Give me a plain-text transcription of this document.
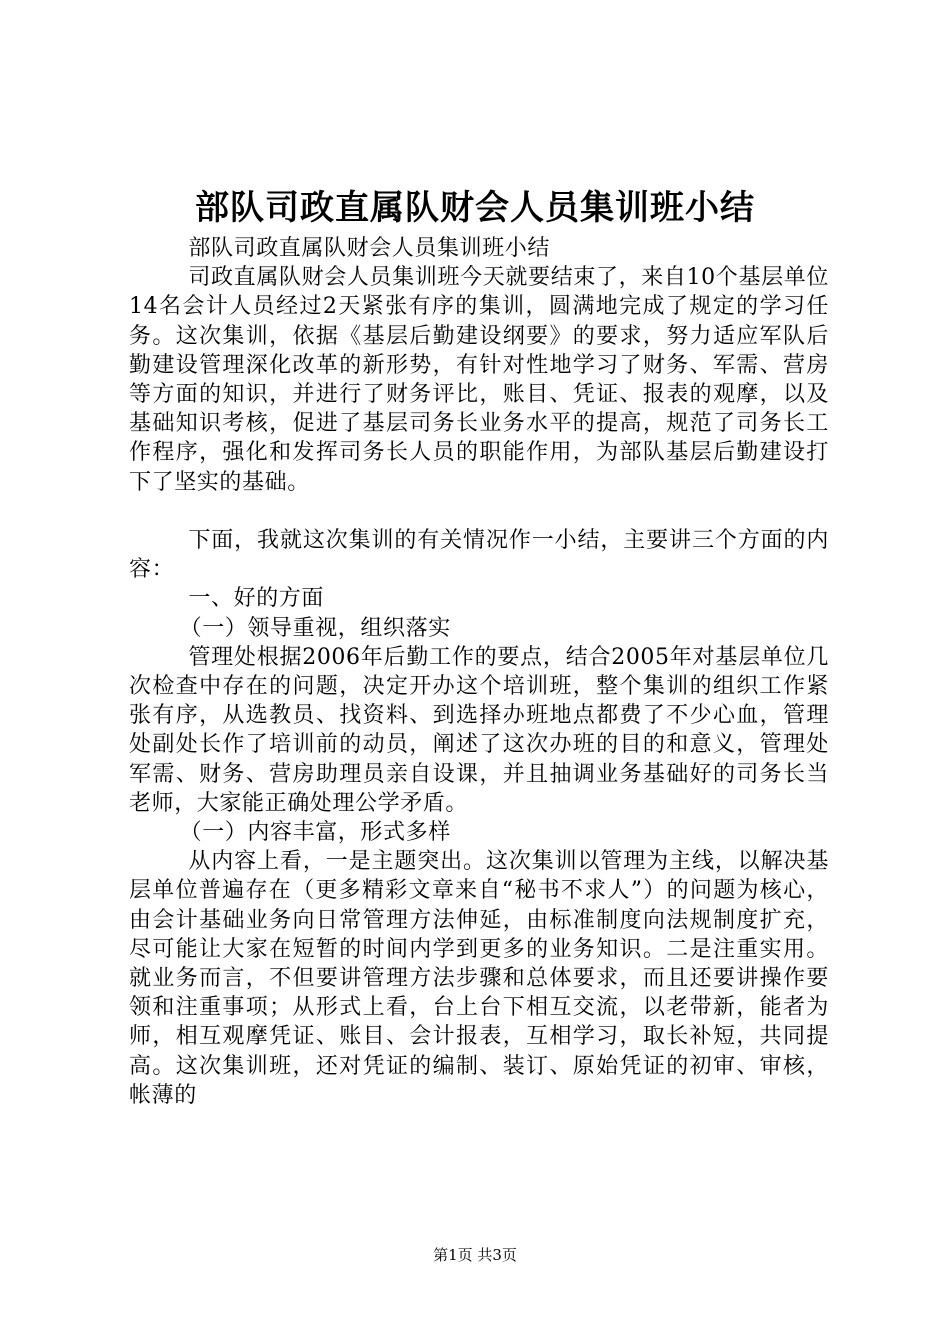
部队司政直属队财会人员集训班小结

部队司政直属队财会人员集训班小结

司政直属队财会人员集训班今天就要结束了，来自10个基层单位14名会计人员经过2天紧张有序的集训，圆满地完成了规定的学习任务。这次集训，依据《基层后勤建设纲要》的要求，努力适应军队后勤建设管理深化改革的新形势，有针对性地学习了财务、军需、营房等方面的知识，并进行了财务评比，账目、凭证、报表的观摩，以及基础知识考核，促进了基层司务长业务水平的提高，规范了司务长工作程序，强化和发挥司务长人员的职能作用，为部队基层后勤建设打下了坚实的基础。

下面，我就这次集训的有关情况作一小结，主要讲三个方面的内容：

一、好的方面

（一）领导重视，组织落实

管理处根据2006年后勤工作的要点，结合2005年对基层单位几次检查中存在的问题，决定开办这个培训班，整个集训的组织工作紧张有序，从选教员、找资料、到选择办班地点都费了不少心血，管理处副处长作了培训前的动员，阐述了这次办班的目的和意义，管理处军需、财务、营房助理员亲自设课，并且抽调业务基础好的司务长当老师，大家能正确处理公学矛盾。

（一）内容丰富，形式多样

从内容上看，一是主题突出。这次集训以管理为主线，以解决基层单位普遍存在（更多精彩文章来自“秘书不求人”）的问题为核心，由会计基础业务向日常管理方法伸延，由标准制度向法规制度扩充，尽可能让大家在短暂的时间内学到更多的业务知识。二是注重实用。就业务而言，不但要讲管理方法步骤和总体要求，而且还要讲操作要领和注重事项；从形式上看，台上台下相互交流，以老带新，能者为师，相互观摩凭证、账目、会计报表，互相学习，取长补短，共同提高。这次集训班，还对凭证的编制、装订、原始凭证的初审、审核，帐薄的

第1页 共3页
